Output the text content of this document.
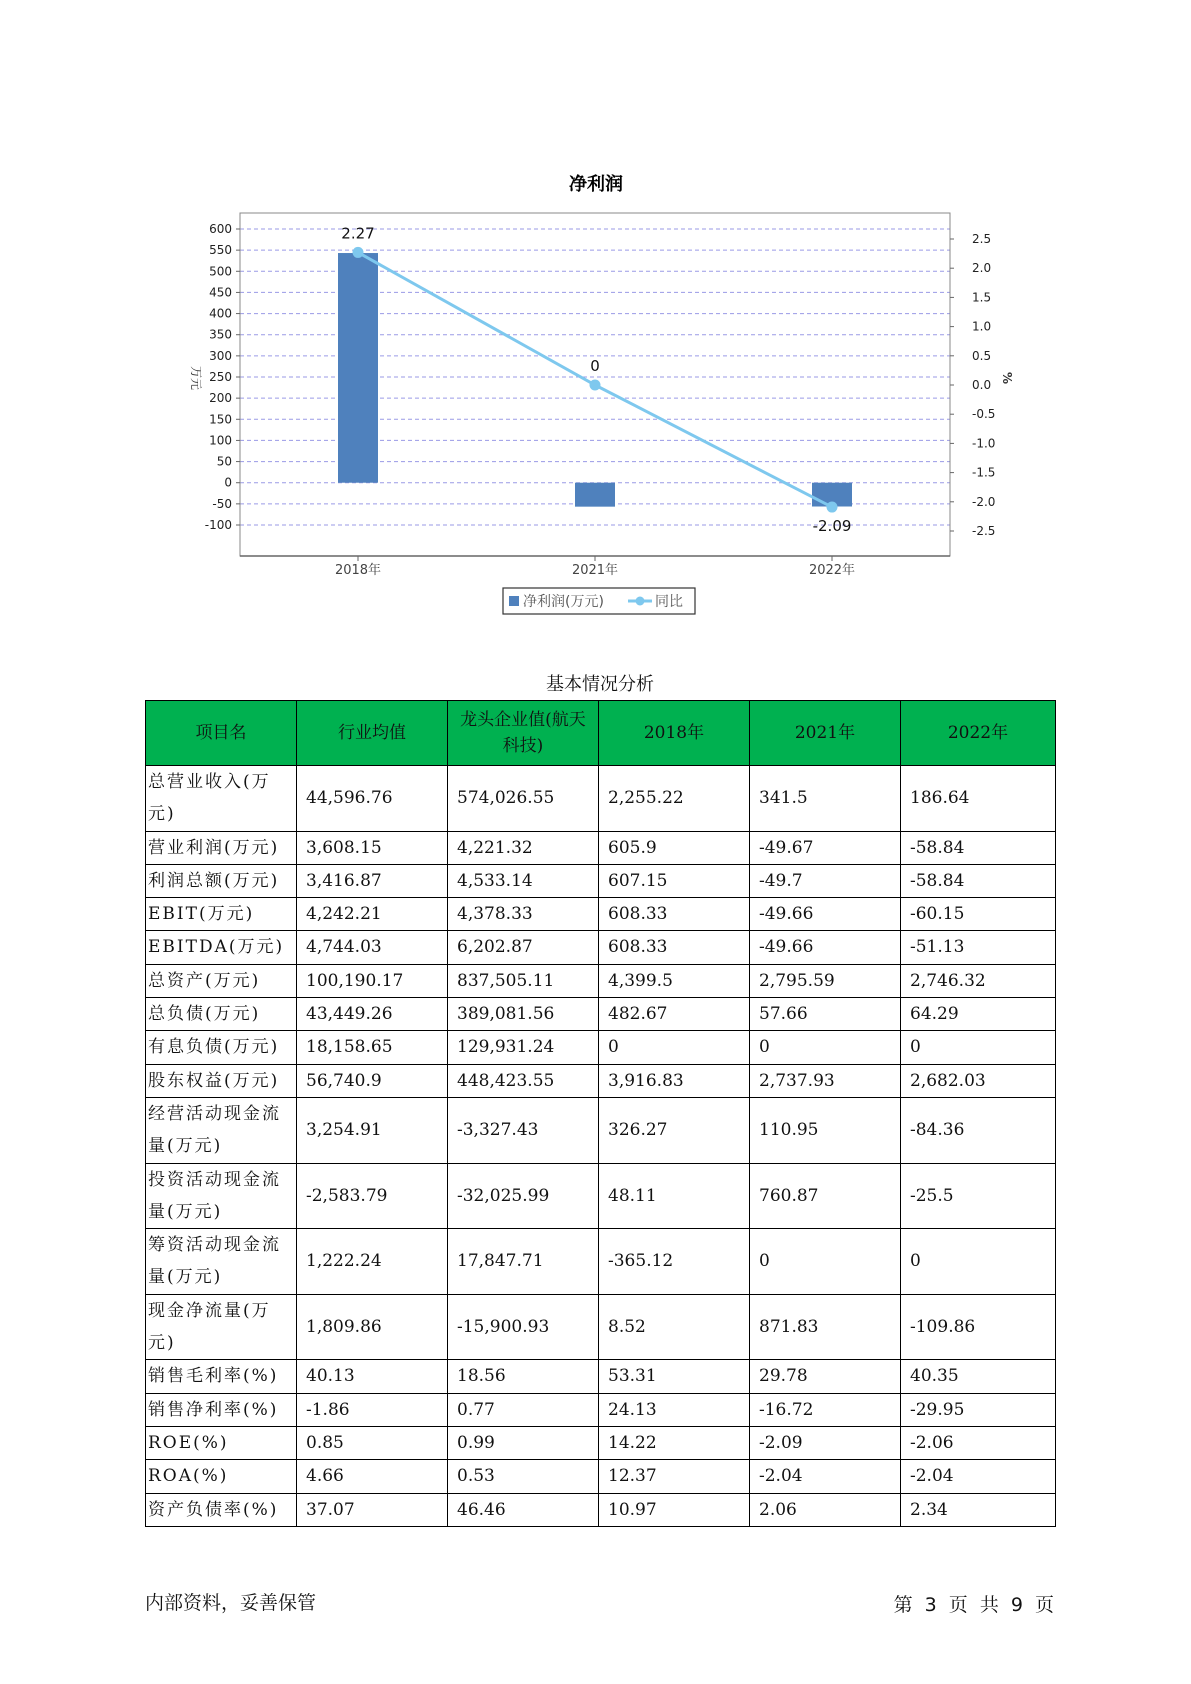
净利润
600
550
500
450
400
350
300
250
200
150
100
50
0
-50
-100
2.5
2.0
1.5
1.0
0.5
0.0
-0.5
-1.0
-1.5
-2.0
-2.5
万元	%
2018年	2021年	2022年
2.27
0
-2.09
净利润(万元)	同比
基本情况分析
项目名	行业均值	龙头企业值(航天科技)	2018年	2021年	2022年
总营业收入(万元)	44,596.76	574,026.55	2,255.22	341.5	186.64
营业利润(万元)	3,608.15	4,221.32	605.9	-49.67	-58.84
利润总额(万元)	3,416.87	4,533.14	607.15	-49.7	-58.84
EBIT(万元)	4,242.21	4,378.33	608.33	-49.66	-60.15
EBITDA(万元)	4,744.03	6,202.87	608.33	-49.66	-51.13
总资产(万元)	100,190.17	837,505.11	4,399.5	2,795.59	2,746.32
总负债(万元)	43,449.26	389,081.56	482.67	57.66	64.29
有息负债(万元)	18,158.65	129,931.24	0	0	0
股东权益(万元)	56,740.9	448,423.55	3,916.83	2,737.93	2,682.03
经营活动现金流量(万元)	3,254.91	-3,327.43	326.27	110.95	-84.36
投资活动现金流量(万元)	-2,583.79	-32,025.99	48.11	760.87	-25.5
筹资活动现金流量(万元)	1,222.24	17,847.71	-365.12	0	0
现金净流量(万元)	1,809.86	-15,900.93	8.52	871.83	-109.86
销售毛利率(%)	40.13	18.56	53.31	29.78	40.35
销售净利率(%)	-1.86	0.77	24.13	-16.72	-29.95
ROE(%)	0.85	0.99	14.22	-2.09	-2.06
ROA(%)	4.66	0.53	12.37	-2.04	-2.04
资产负债率(%)	37.07	46.46	10.97	2.06	2.34
内部资料，妥善保管	第 3 页 共 9 页
